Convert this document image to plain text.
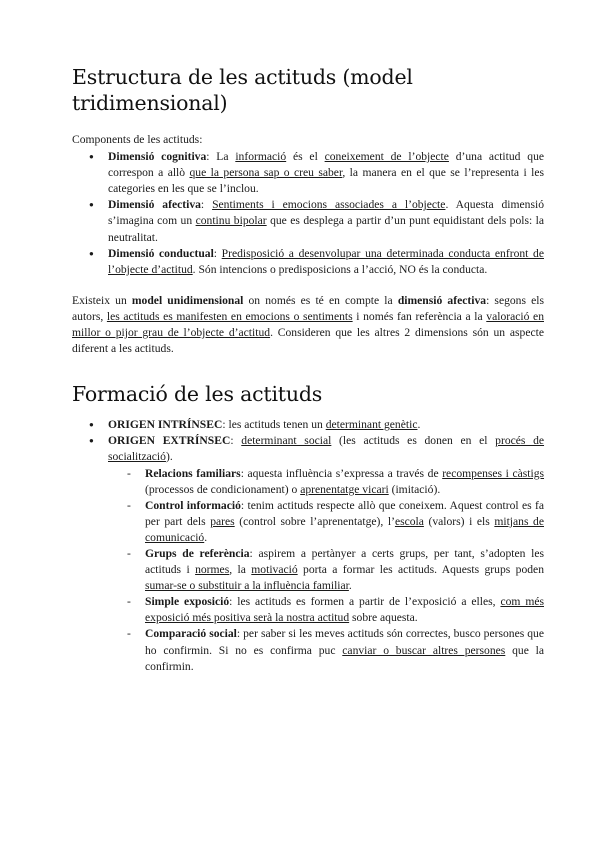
Estructura de les actituds (model tridimensional)

Components de les actituds:

● Dimensió cognitiva: La informació és el coneixement de l’objecte d’una actitud que correspon a allò que la persona sap o creu saber, la manera en el que se l’representa i les categories en les que se l’inclou.
● Dimensió afectiva: Sentiments i emocions associades a l’objecte. Aquesta dimensió s’imagina com un continu bipolar que es desplega a partir d’un punt equidistant dels pols: la neutralitat.
● Dimensió conductual: Predisposició a desenvolupar una determinada conducta enfront de l’objecte d’actitud. Són intencions o predisposicions a l’acció, NO és la conducta.

Existeix un model unidimensional on només es té en compte la dimensió afectiva: segons els autors, les actituds es manifesten en emocions o sentiments i només fan referència a la valoració en millor o pijor grau de l’objecte d’actitud. Consideren que les altres 2 dimensions són un aspecte diferent a les actituds.

Formació de les actituds
● ORIGEN INTRÍNSEC: les actituds tenen un determinant genètic.
● ORIGEN EXTRÍNSEC: determinant social (les actituds es donen en el procés de socialització).
- Relacions familiars: aquesta influència s’expressa a través de recompenses i càstigs (processos de condicionament) o aprenentatge vicari (imitació).
- Control informació: tenim actituds respecte allò que coneixem. Aquest control es fa per part dels pares (control sobre l’aprenentatge), l’escola (valors) i els mitjans de comunicació.
- Grups de referència: aspirem a pertànyer a certs grups, per tant, s’adopten les actituds i normes, la motivació porta a formar les actituds. Aquests grups poden sumar-se o substituir a la influència familiar.
- Simple exposició: les actituds es formen a partir de l’exposició a elles, com més exposició més positiva serà la nostra actitud sobre aquesta.
- Comparació social: per saber si les meves actituds són correctes, busco persones que ho confirmin. Si no es confirma puc canviar o buscar altres persones que la confirmin.
